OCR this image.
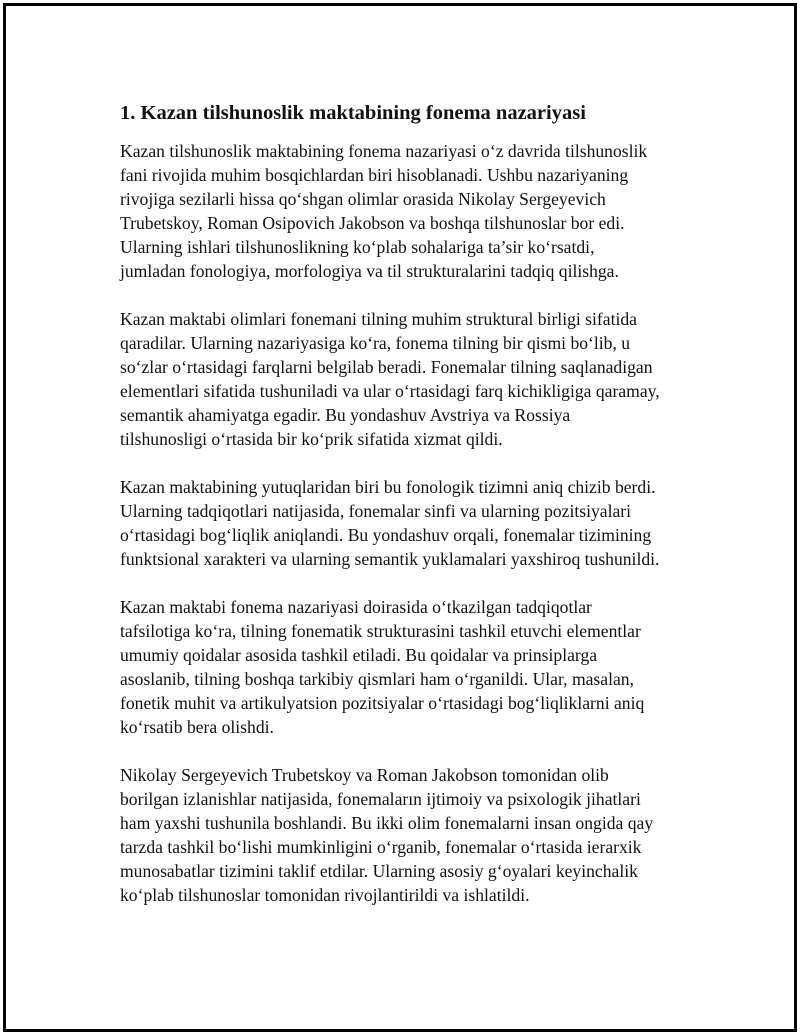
1. Kazan tilshunoslik maktabining fonema nazariyasi

Kazan tilshunoslik maktabining fonema nazariyasi o‘z davrida tilshunoslik
fani rivojida muhim bosqichlardan biri hisoblanadi. Ushbu nazariyaning
rivojiga sezilarli hissa qo‘shgan olimlar orasida Nikolay Sergeyevich
Trubetskoy, Roman Osipovich Jakobson va boshqa tilshunoslar bor edi.
Ularning ishlari tilshunoslikning ko‘plab sohalariga ta’sir ko‘rsatdi,
jumladan fonologiya, morfologiya va til strukturalarini tadqiq qilishga.

Kazan maktabi olimlari fonemani tilning muhim struktural birligi sifatida
qaradilar. Ularning nazariyasiga ko‘ra, fonema tilning bir qismi bo‘lib, u
so‘zlar o‘rtasidagi farqlarni belgilab beradi. Fonemalar tilning saqlanadigan
elementlari sifatida tushuniladi va ular o‘rtasidagi farq kichikligiga qaramay,
semantik ahamiyatga egadir. Bu yondashuv Avstriya va Rossiya
tilshunosligi o‘rtasida bir ko‘prik sifatida xizmat qildi.

Kazan maktabining yutuqlaridan biri bu fonologik tizimni aniq chizib berdi.
Ularning tadqiqotlari natijasida, fonemalar sinfi va ularning pozitsiyalari
o‘rtasidagi bog‘liqlik aniqlandi. Bu yondashuv orqali, fonemalar tizimining
funktsional xarakteri va ularning semantik yuklamalari yaxshiroq tushunildi.

Kazan maktabi fonema nazariyasi doirasida o‘tkazilgan tadqiqotlar
tafsilotiga ko‘ra, tilning fonematik strukturasini tashkil etuvchi elementlar
umumiy qoidalar asosida tashkil etiladi. Bu qoidalar va prinsiplarga
asoslanib, tilning boshqa tarkibiy qismlari ham o‘rganildi. Ular, masalan,
fonetik muhit va artikulyatsion pozitsiyalar o‘rtasidagi bog‘liqliklarni aniq
ko‘rsatib bera olishdi.

Nikolay Sergeyevich Trubetskoy va Roman Jakobson tomonidan olib
borilgan izlanishlar natijasida, fonemaların ijtimoiy va psixologik jihatlari
ham yaxshi tushunila boshlandi. Bu ikki olim fonemalarni insan ongida qay
tarzda tashkil bo‘lishi mumkinligini o‘rganib, fonemalar o‘rtasida ierarxik
munosabatlar tizimini taklif etdilar. Ularning asosiy g‘oyalari keyinchalik
ko‘plab tilshunoslar tomonidan rivojlantirildi va ishlatildi.
